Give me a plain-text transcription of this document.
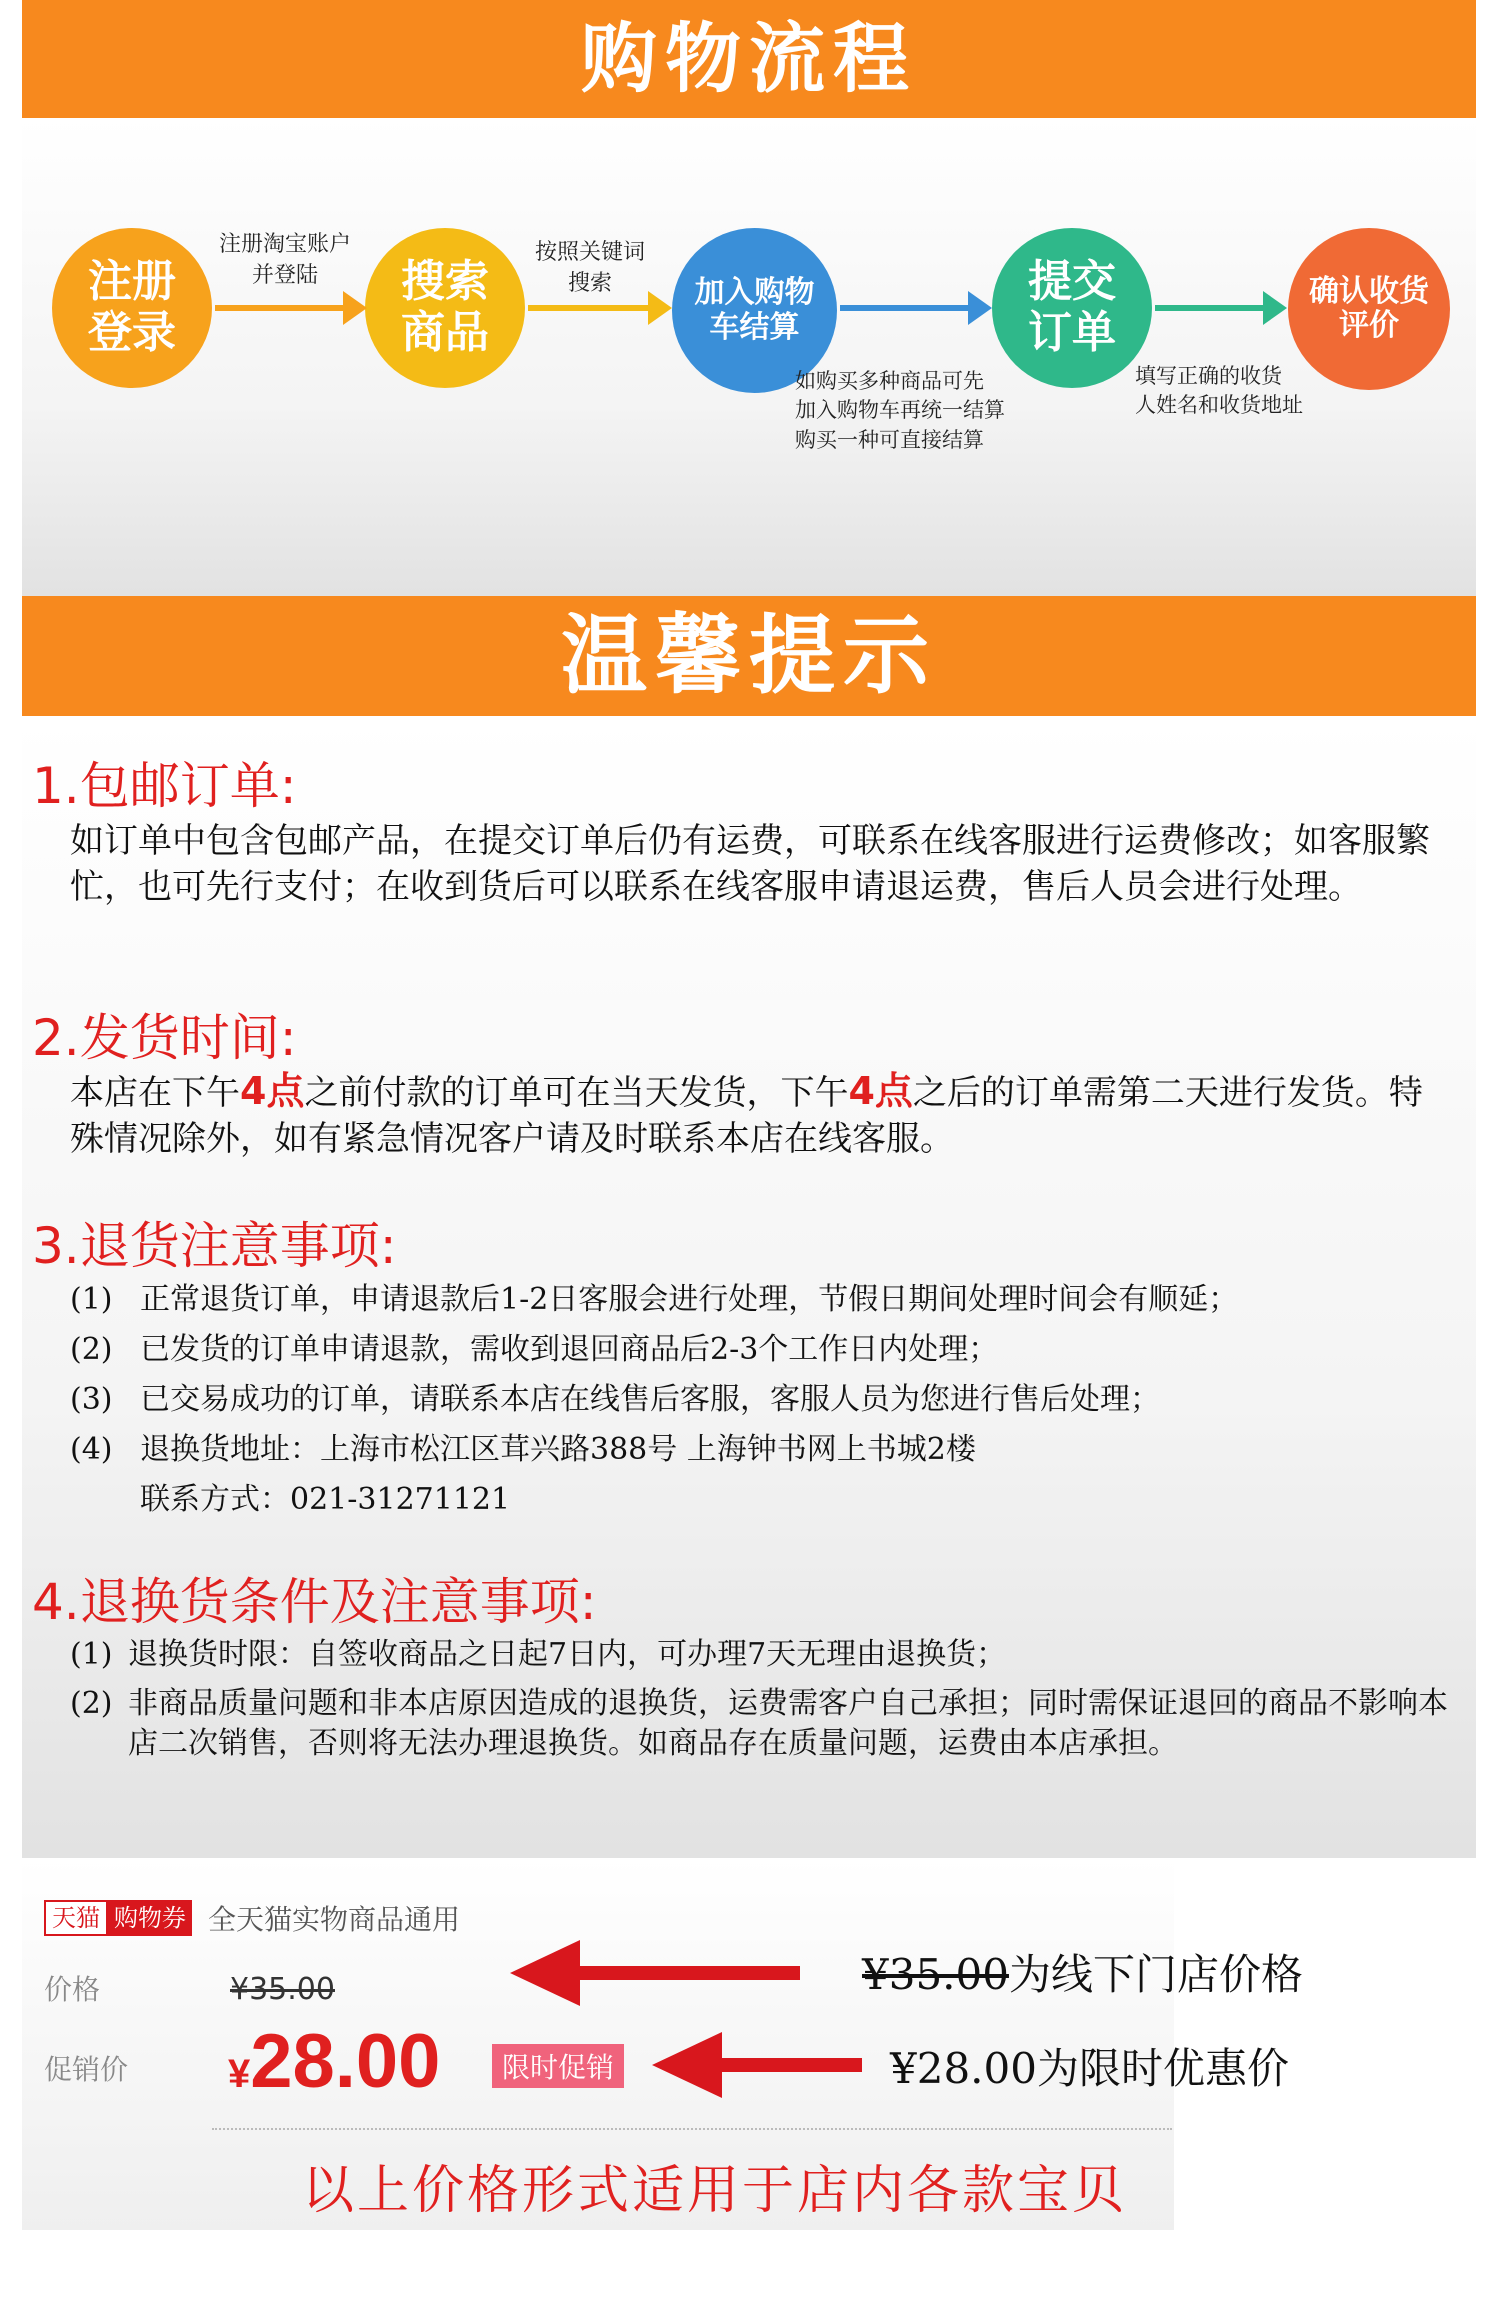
购物流程
注册
登录
搜索
商品
加入购物
车结算
提交
订单
确认收货
评价
注册淘宝账户
并登陆
按照关键词
搜索
如购买多种商品可先
加入购物车再统一结算
购买一种可直接结算
填写正确的收货
人姓名和收货地址
温馨提示
1.包邮订单:
如订单中包含包邮产品，在提交订单后仍有运费，可联系在线客服进行运费修改；如客服繁忙，也可先行支付；在收到货后可以联系在线客服申请退运费，售后人员会进行处理。
2.发货时间:
本店在下午4点之前付款的订单可在当天发货，下午4点之后的订单需第二天进行发货。特殊情况除外，如有紧急情况客户请及时联系本店在线客服。
3.退货注意事项:
(1) 正常退货订单，申请退款后1-2日客服会进行处理，节假日期间处理时间会有顺延；
(2) 已发货的订单申请退款，需收到退回商品后2-3个工作日内处理；
(3) 已交易成功的订单，请联系本店在线售后客服，客服人员为您进行售后处理；
(4) 退换货地址：上海市松江区茸兴路388号 上海钟书网上书城2楼
联系方式：021-31271121
4.退换货条件及注意事项:
(1) 退换货时限：自签收商品之日起7日内，可办理7天无理由退换货；
(2) 非商品质量问题和非本店原因造成的退换货，运费需客户自己承担；同时需保证退回的商品不影响本店二次销售，否则将无法办理退换货。如商品存在质量问题，运费由本店承担。
天猫 购物券 全天猫实物商品通用
价格	¥35.00
促销价 ¥28.00	限时促销
以上价格形式适用于店内各款宝贝
¥35.00为线下门店价格
¥28.00为限时优惠价
